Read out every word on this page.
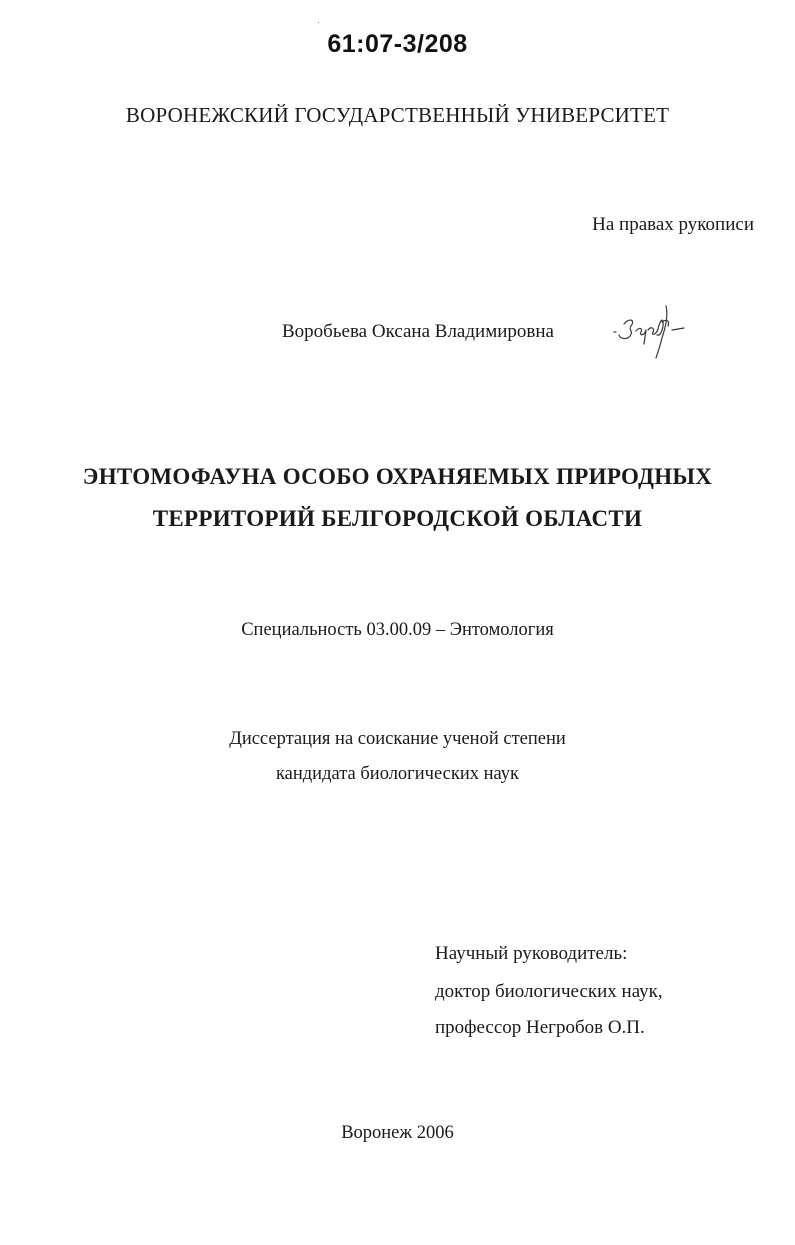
61:07-3/208
ВОРОНЕЖСКИЙ ГОСУДАРСТВЕННЫЙ УНИВЕРСИТЕТ
На правах рукописи
Воробьева Оксана Владимировна
ЭНТОМОФАУНА ОСОБО ОХРАНЯЕМЫХ ПРИРОДНЫХ
ТЕРРИТОРИЙ БЕЛГОРОДСКОЙ ОБЛАСТИ
Специальность 03.00.09 – Энтомология
Диссертация на соискание ученой степени
кандидата биологических наук
Научный руководитель:
доктор биологических наук,
профессор Негробов О.П.
Воронеж 2006
